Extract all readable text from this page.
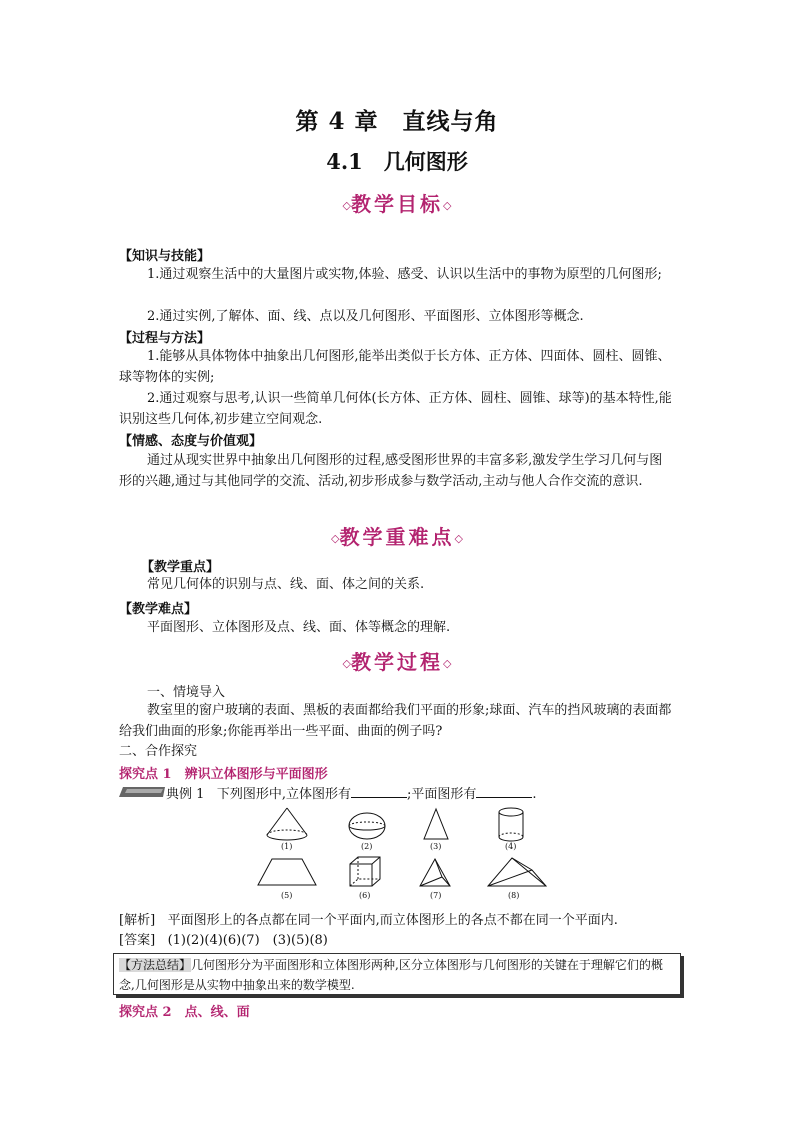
第 4 章　直线与角
4.1　几何图形
◇教学目标◇
【知识与技能】
1.通过观察生活中的大量图片或实物,体验、感受、认识以生活中的事物为原型的几何图形;
2.通过实例,了解体、面、线、点以及几何图形、平面图形、立体图形等概念.
【过程与方法】
1.能够从具体物体中抽象出几何图形,能举出类似于长方体、正方体、四面体、圆柱、圆锥、球等物体的实例;
2.通过观察与思考,认识一些简单几何体(长方体、正方体、圆柱、圆锥、球等)的基本特性,能识别这些几何体,初步建立空间观念.
【情感、态度与价值观】
通过从现实世界中抽象出几何图形的过程,感受图形世界的丰富多彩,激发学生学习几何与图形的兴趣,通过与其他同学的交流、活动,初步形成参与数学活动,主动与他人合作交流的意识.
◇教学重难点◇
【教学重点】
常见几何体的识别与点、线、面、体之间的关系.
【教学难点】
平面图形、立体图形及点、线、面、体等概念的理解.
◇教学过程◇
一、情境导入
教室里的窗户玻璃的表面、黑板的表面都给我们平面的形象;球面、汽车的挡风玻璃的表面都给我们曲面的形象;你能再举出一些平面、曲面的例子吗?
二、合作探究
探究点 1　辨识立体图形与平面图形
典例 1 下列图形中,立体图形有	;平面图形有	.
(1)	(2)	(3)	(4)
(5)	(6)	(7)	(8)
[解析] 平面图形上的各点都在同一个平面内,而立体图形上的各点不都在同一个平面内.
[答案] (1)(2)(4)(6)(7)　(3)(5)(8)
【方法总结】几何图形分为平面图形和立体图形两种,区分立体图形与几何图形的关键在于理解它们的概念,几何图形是从实物中抽象出来的数学模型.
探究点 2　点、线、面
